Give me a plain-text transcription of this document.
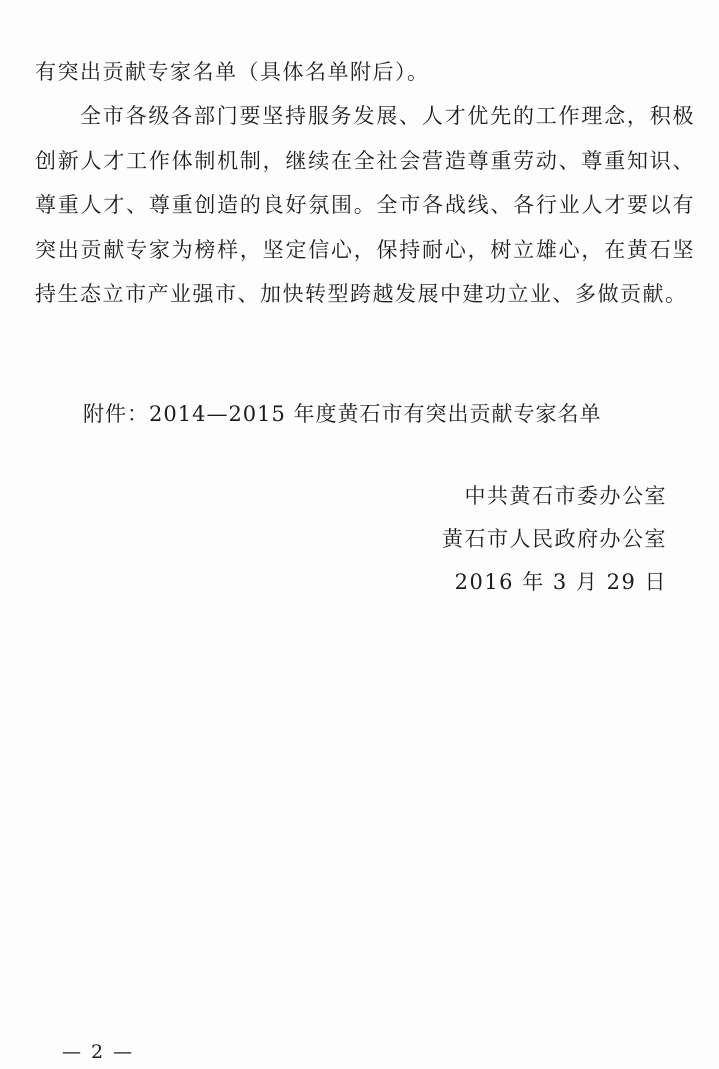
有突出贡献专家名单（具体名单附后）。

全市各级各部门要坚持服务发展、人才优先的工作理念，积极创新人才工作体制机制，继续在全社会营造尊重劳动、尊重知识、尊重人才、尊重创造的良好氛围。全市各战线、各行业人才要以有突出贡献专家为榜样，坚定信心，保持耐心，树立雄心，在黄石坚持生态立市产业强市、加快转型跨越发展中建功立业、多做贡献。

附件：2014—2015 年度黄石市有突出贡献专家名单
中共黄石市委办公室
黄石市人民政府办公室
2016 年 3 月 29 日
— 2 —
